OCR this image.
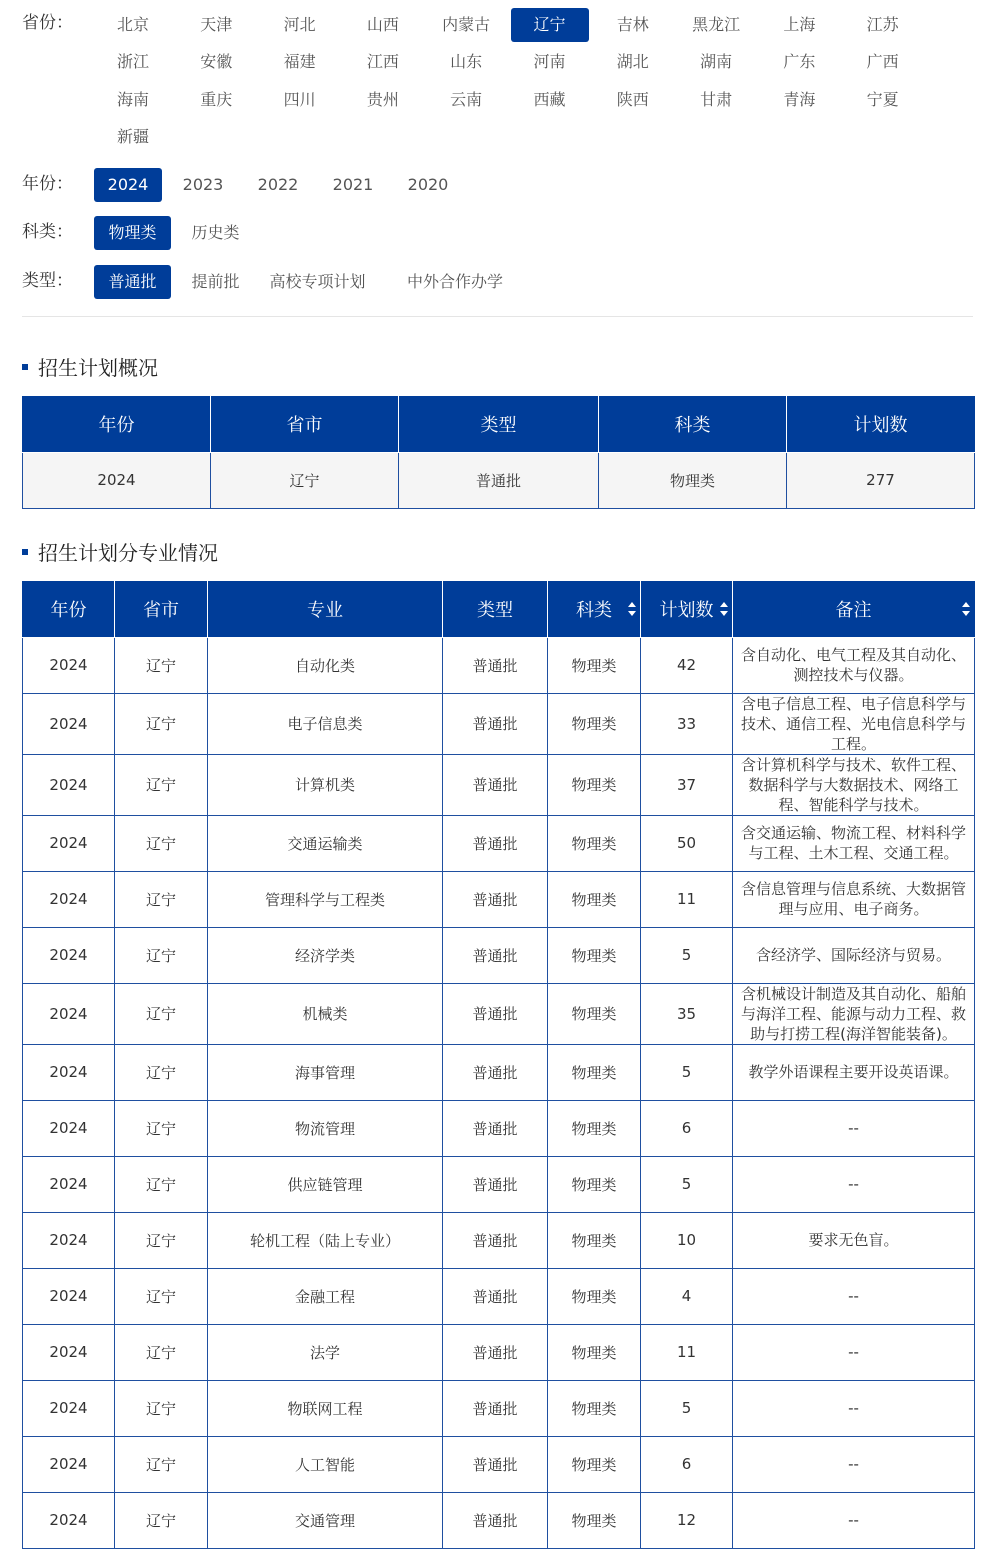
省份：	北京	天津	河北	山西	内蒙古	辽宁	吉林	黑龙江	上海	江苏
浙江	安徽	福建	江西	山东	河南	湖北	湖南	广东	广西
海南	重庆	四川	贵州	云南	西藏	陕西	甘肃	青海	宁夏
新疆
年份：	2024	2023	2022	2021	2020
科类：	物理类	历史类
类型：	普通批	提前批	高校专项计划	中外合作办学
招生计划概况
年份	省市	类型	科类	计划数
2024	辽宁	普通批	物理类	277
招生计划分专业情况
年份	省市	专业	类型	科类	计划数	备注

2024	辽宁	自动化类	普通批	物理类	42	含自动化、电气工程及其自动化、测控技术与仪器。
2024	辽宁	电子信息类	普通批	物理类	33	含电子信息工程、电子信息科学与技术、通信工程、光电信息科学与工程。
2024	辽宁	计算机类	普通批	物理类	37	含计算机科学与技术、软件工程、数据科学与大数据技术、网络工程、智能科学与技术。
2024	辽宁	交通运输类	普通批	物理类	50	含交通运输、物流工程、材料科学与工程、土木工程、交通工程。
2024	辽宁	管理科学与工程类	普通批	物理类	11	含信息管理与信息系统、大数据管理与应用、电子商务。
2024	辽宁	经济学类	普通批	物理类	5	含经济学、国际经济与贸易。
2024	辽宁	机械类	普通批	物理类	35	含机械设计制造及其自动化、船舶与海洋工程、能源与动力工程、救助与打捞工程(海洋智能装备)。
2024	辽宁	海事管理	普通批	物理类	5	教学外语课程主要开设英语课。
2024	辽宁	物流管理	普通批	物理类	6	--
2024	辽宁	供应链管理	普通批	物理类	5	--
2024	辽宁	轮机工程（陆上专业）	普通批	物理类	10	要求无色盲。
2024	辽宁	金融工程	普通批	物理类	4	--
2024	辽宁	法学	普通批	物理类	11	--
2024	辽宁	物联网工程	普通批	物理类	5	--
2024	辽宁	人工智能	普通批	物理类	6	--
2024	辽宁	交通管理	普通批	物理类	12	--
